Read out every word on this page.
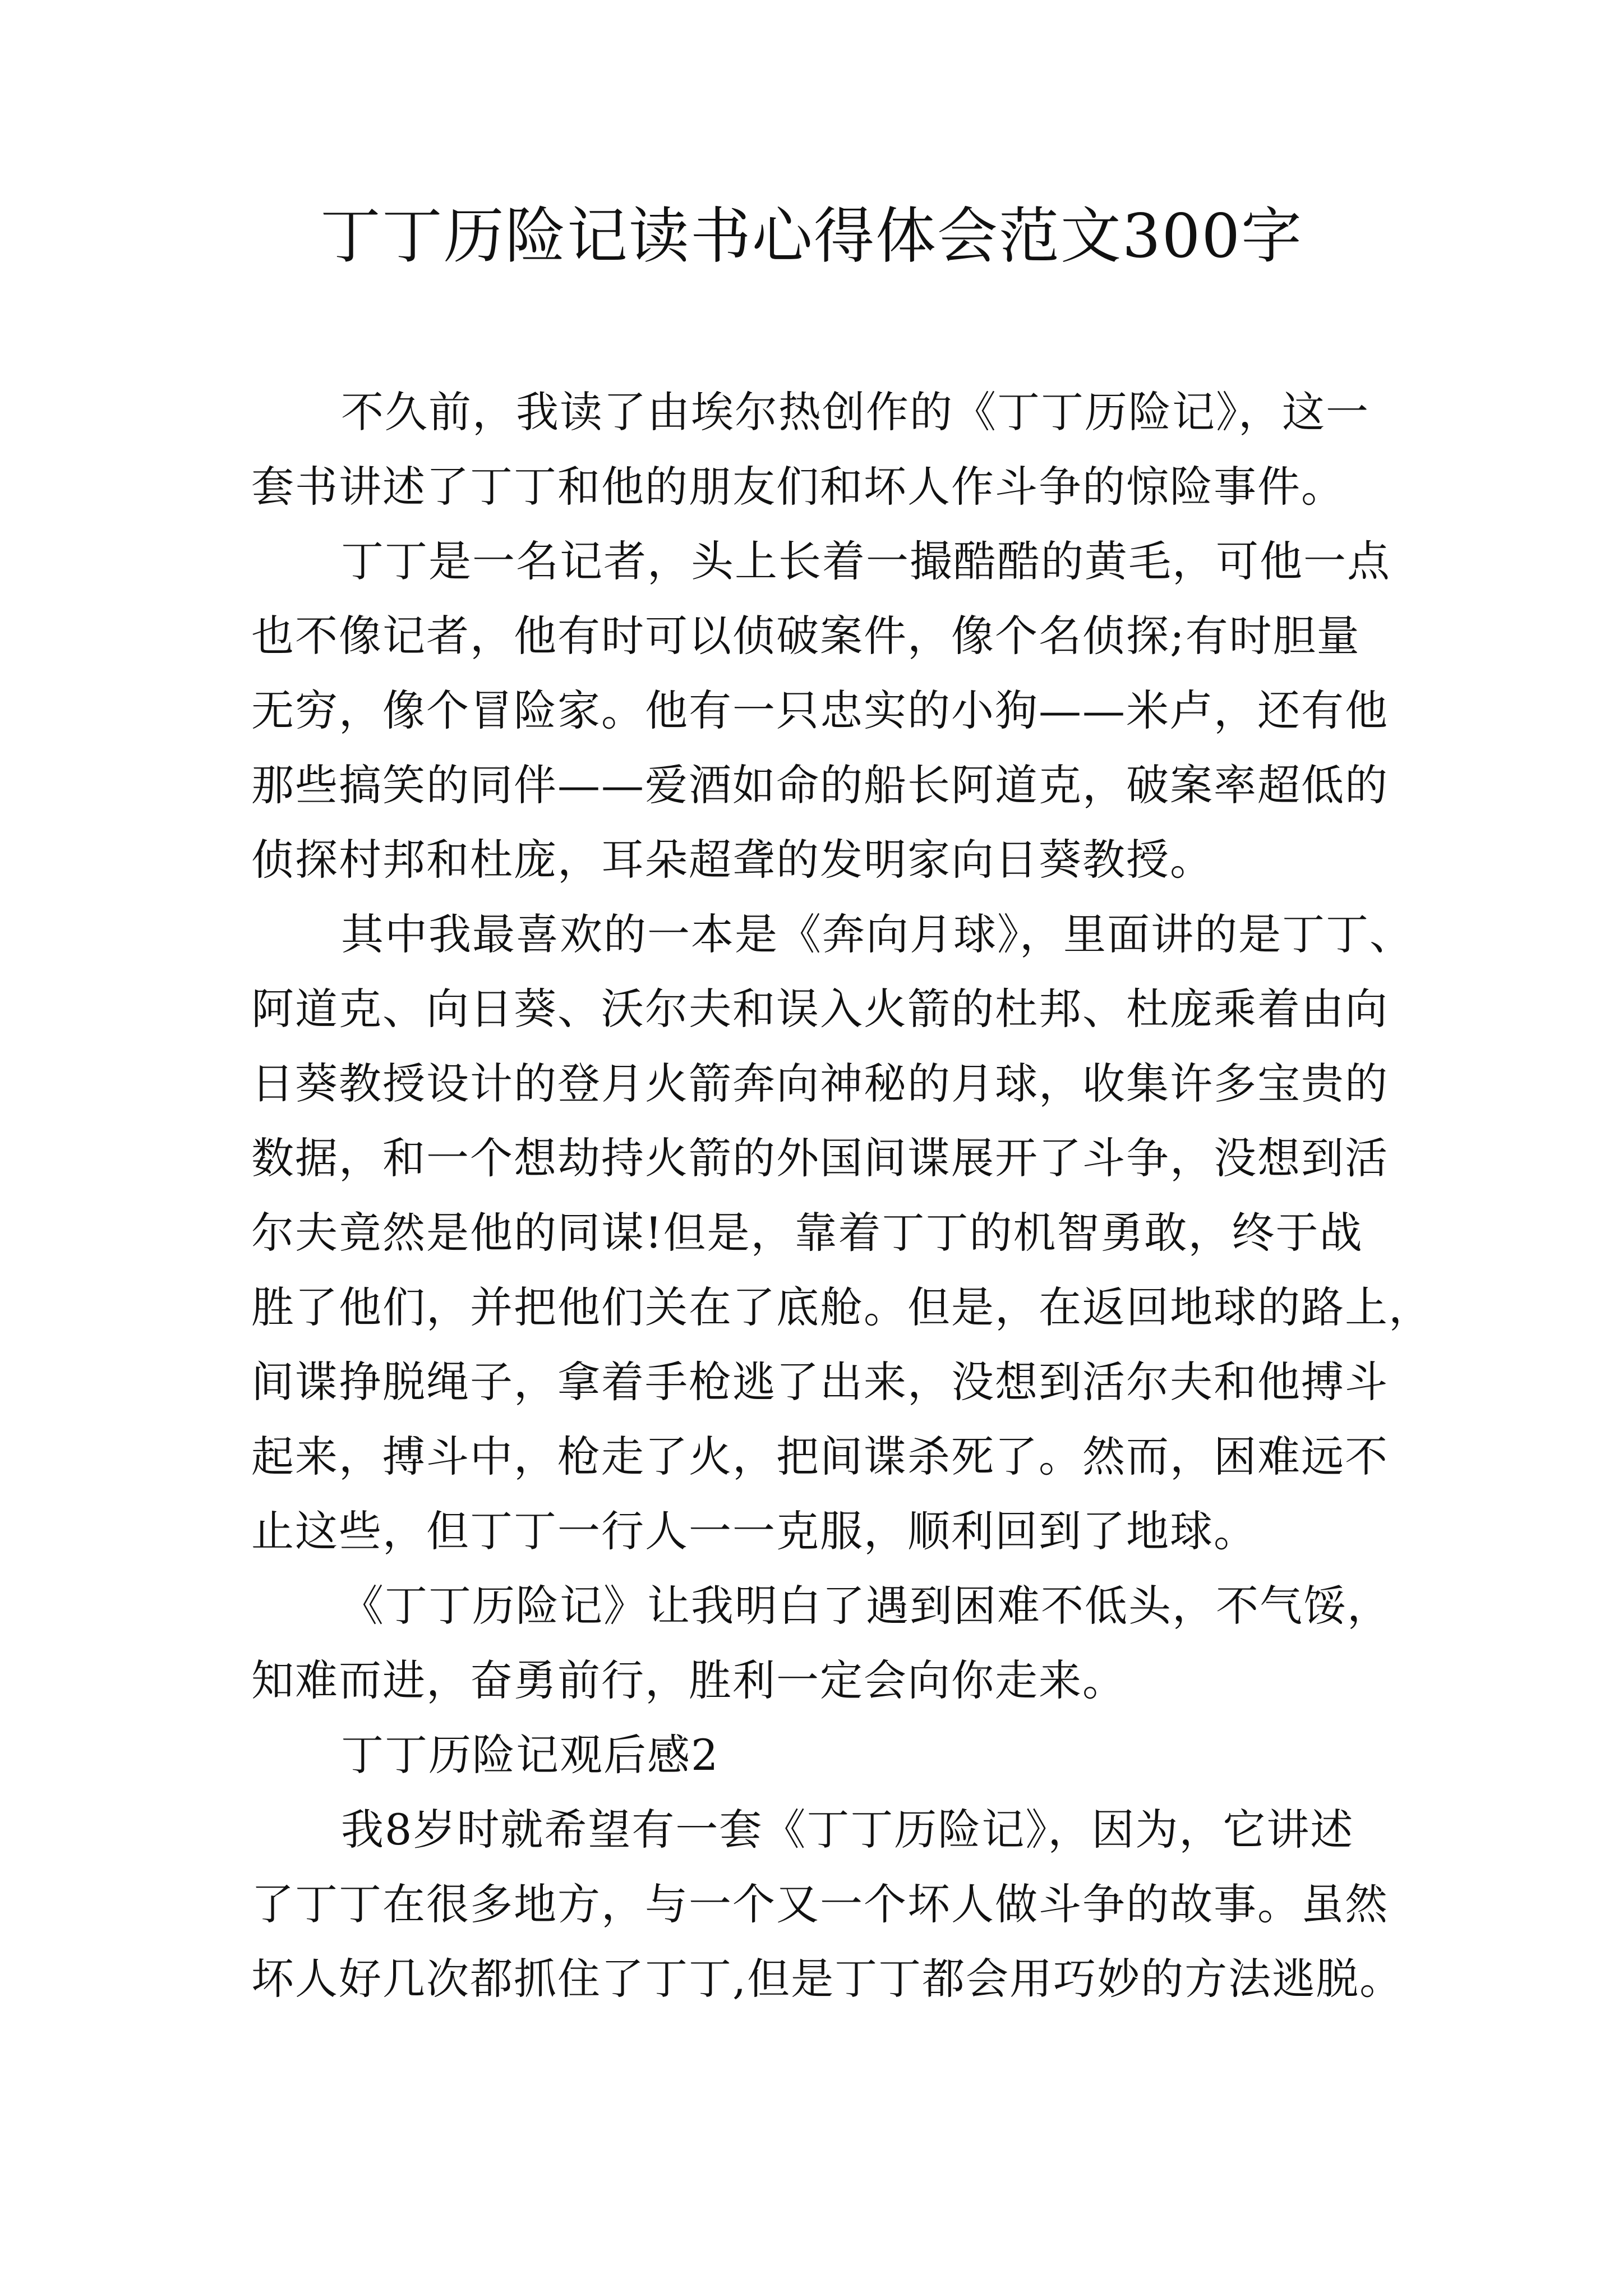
丁丁历险记读书心得体会范文300字
不久前，我读了由埃尔热创作的《丁丁历险记》，这一
套书讲述了丁丁和他的朋友们和坏人作斗争的惊险事件。
丁丁是一名记者，头上长着一撮酷酷的黄毛，可他一点
也不像记者，他有时可以侦破案件，像个名侦探;有时胆量
无穷，像个冒险家。他有一只忠实的小狗——米卢，还有他
那些搞笑的同伴——爱酒如命的船长阿道克，破案率超低的
侦探村邦和杜庞，耳朵超聋的发明家向日葵教授。
其中我最喜欢的一本是《奔向月球》，里面讲的是丁丁、
阿道克、向日葵、沃尔夫和误入火箭的杜邦、杜庞乘着由向
日葵教授设计的登月火箭奔向神秘的月球，收集许多宝贵的
数据，和一个想劫持火箭的外国间谍展开了斗争，没想到活
尔夫竟然是他的同谋!但是，靠着丁丁的机智勇敢，终于战
胜了他们，并把他们关在了底舱。但是，在返回地球的路上，
间谍挣脱绳子，拿着手枪逃了出来，没想到活尔夫和他搏斗
起来，搏斗中，枪走了火，把间谍杀死了。然而，困难远不
止这些，但丁丁一行人一一克服，顺利回到了地球。
《丁丁历险记》让我明白了遇到困难不低头，不气馁，
知难而进，奋勇前行，胜利一定会向你走来。
丁丁历险记观后感2
我8岁时就希望有一套《丁丁历险记》，因为，它讲述
了丁丁在很多地方，与一个又一个坏人做斗争的故事。虽然
坏人好几次都抓住了丁丁,但是丁丁都会用巧妙的方法逃脱。
